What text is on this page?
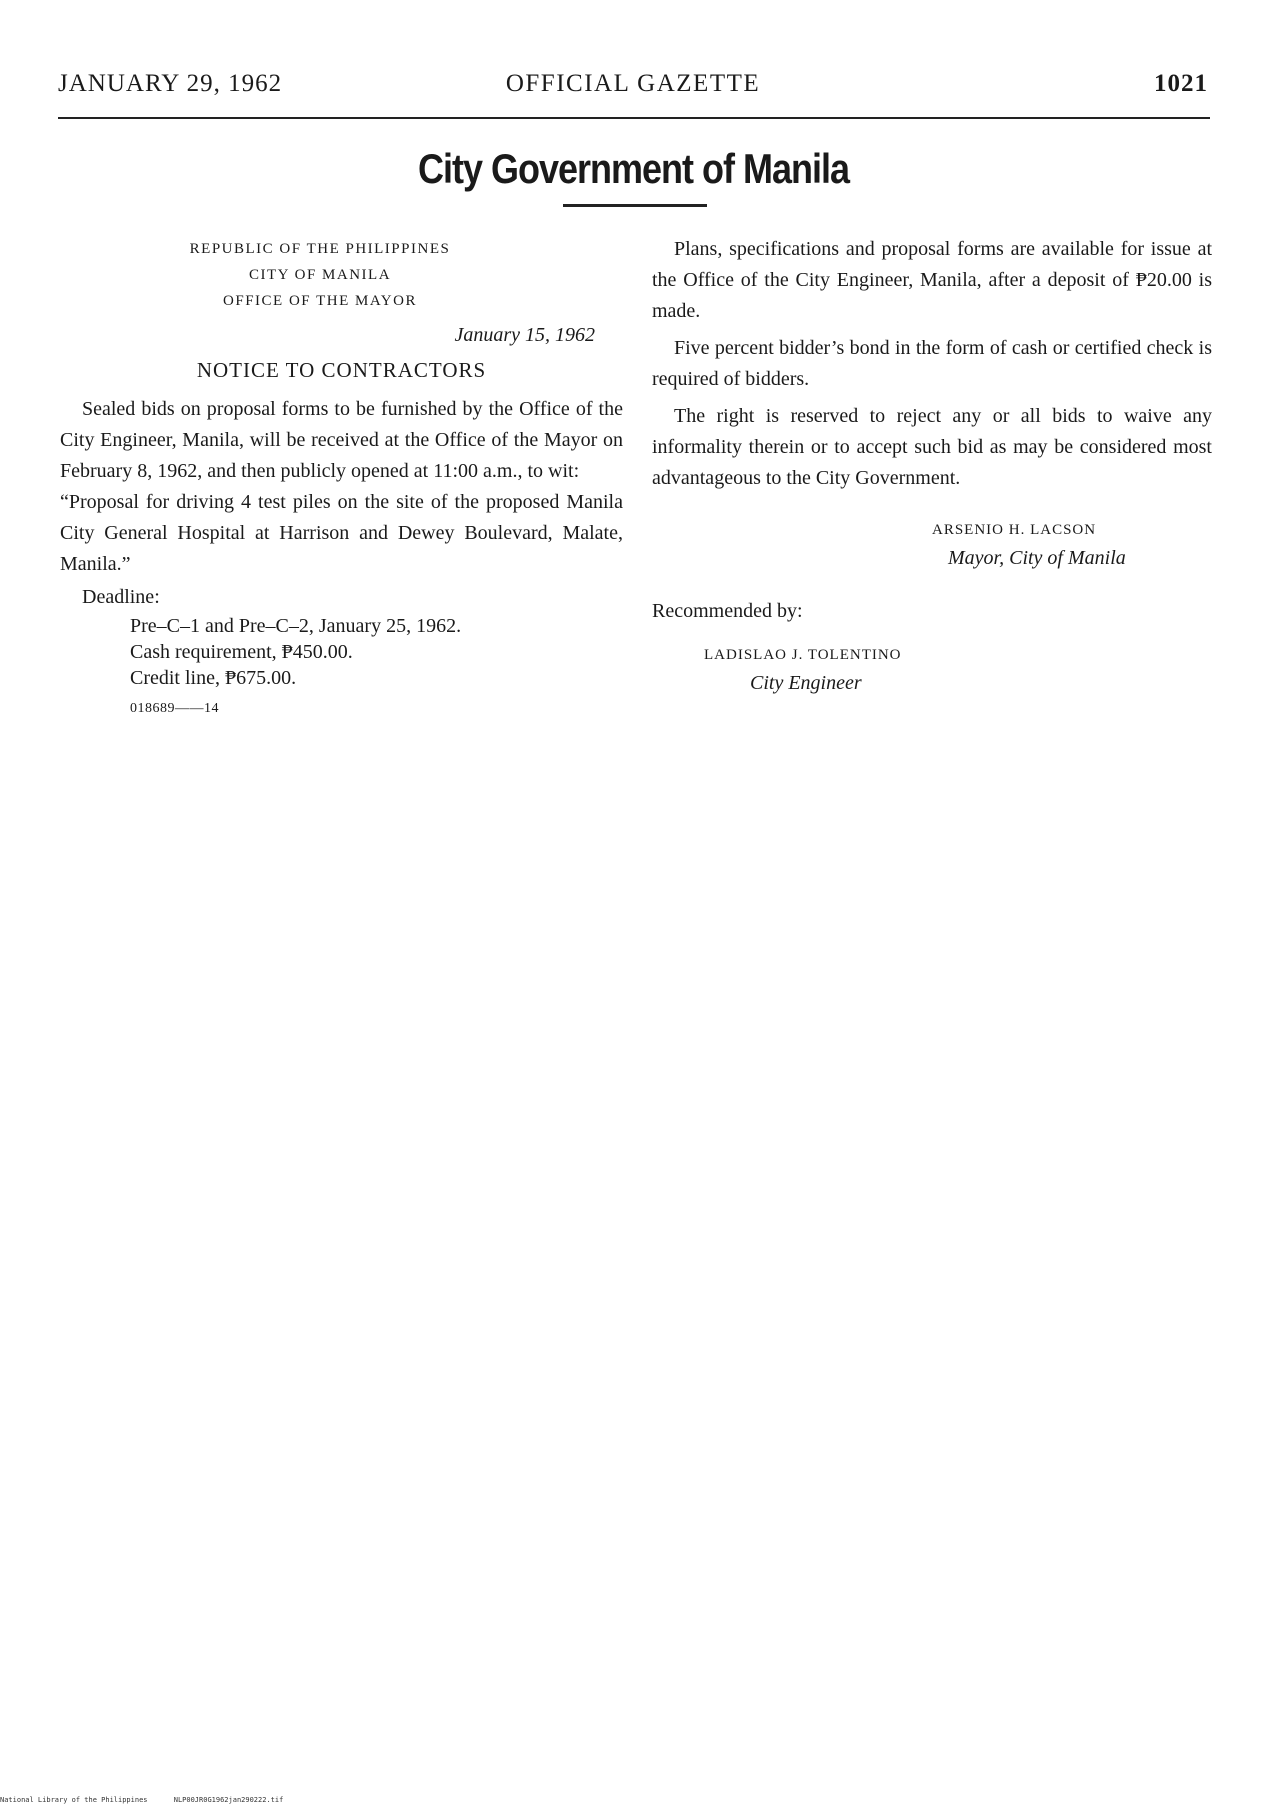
JANUARY 29, 1962	OFFICIAL GAZETTE	1021
City Government of Manila
REPUBLIC OF THE PHILIPPINES
CITY OF MANILA
OFFICE OF THE MAYOR
January 15, 1962
NOTICE TO CONTRACTORS
Sealed bids on proposal forms to be furnished by the Office of the City Engineer, Manila, will be received at the Office of the Mayor on February 8, 1962, and then publicly opened at 11:00 a.m., to wit:
“Proposal for driving 4 test piles on the site of the proposed Manila City General Hospital at Harrison and Dewey Boulevard, Malate, Manila.”
Deadline:
Pre–C–1 and Pre–C–2, January 25, 1962.
Cash requirement, ₱450.00.
Credit line, ₱675.00.
018689——14
Plans, specifications and proposal forms are available for issue at the Office of the City Engineer, Manila, after a deposit of ₱20.00 is made.
Five percent bidder’s bond in the form of cash or certified check is required of bidders.
The right is reserved to reject any or all bids to waive any informality therein or to accept such bid as may be considered most advantageous to the City Government.
ARSENIO H. LACSON
Mayor, City of Manila
Recommended by:
LADISLAO J. TOLENTINO
City Engineer
National Library of the Philippines	NLP00JR0G1962jan290222.tif
